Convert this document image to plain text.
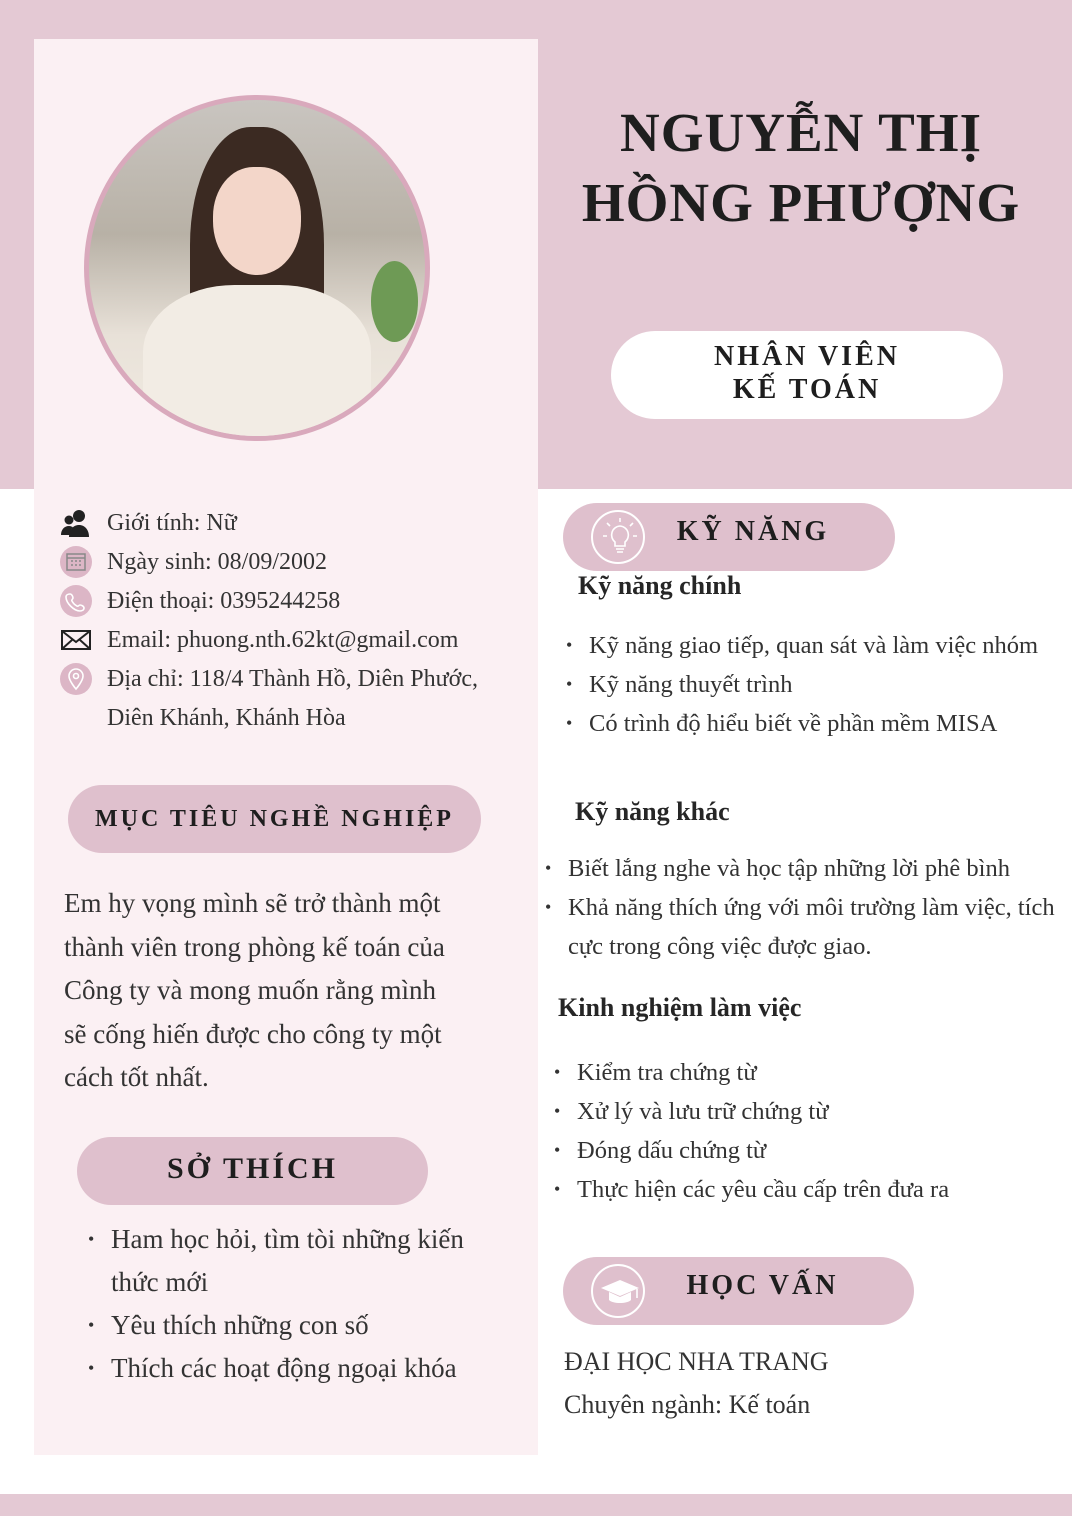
NGUYỄN THỊ
HỒNG PHƯỢNG
NHÂN VIÊN
KẾ TOÁN
Giới tính: Nữ
Ngày sinh: 08/09/2002
Điện thoại: 0395244258
Email: phuong.nth.62kt@gmail.com
Địa chỉ: 118/4 Thành Hồ, Diên Phước,
Diên Khánh, Khánh Hòa
MỤC TIÊU NGHỀ NGHIỆP
Em hy vọng mình sẽ trở thành một
thành viên trong phòng kế toán của
Công ty và mong muốn rằng mình
sẽ cống hiến được cho công ty một
cách tốt nhất.
SỞ THÍCH
• Ham học hỏi, tìm tòi những kiến thức mới
• Yêu thích những con số
• Thích các hoạt động ngoại khóa
KỸ NĂNG
Kỹ năng chính
• Kỹ năng giao tiếp, quan sát và làm việc nhóm
• Kỹ năng thuyết trình
• Có trình độ hiểu biết về phần mềm MISA
Kỹ năng khác
• Biết lắng nghe và học tập những lời phê bình
• Khả năng thích ứng với môi trường làm việc, tích cực trong công việc được giao.
Kinh nghiệm làm việc
• Kiểm tra chứng từ
• Xử lý và lưu trữ chứng từ
• Đóng dấu chứng từ
• Thực hiện các yêu cầu cấp trên đưa ra
HỌC VẤN
ĐẠI HỌC NHA TRANG
Chuyên ngành: Kế toán
